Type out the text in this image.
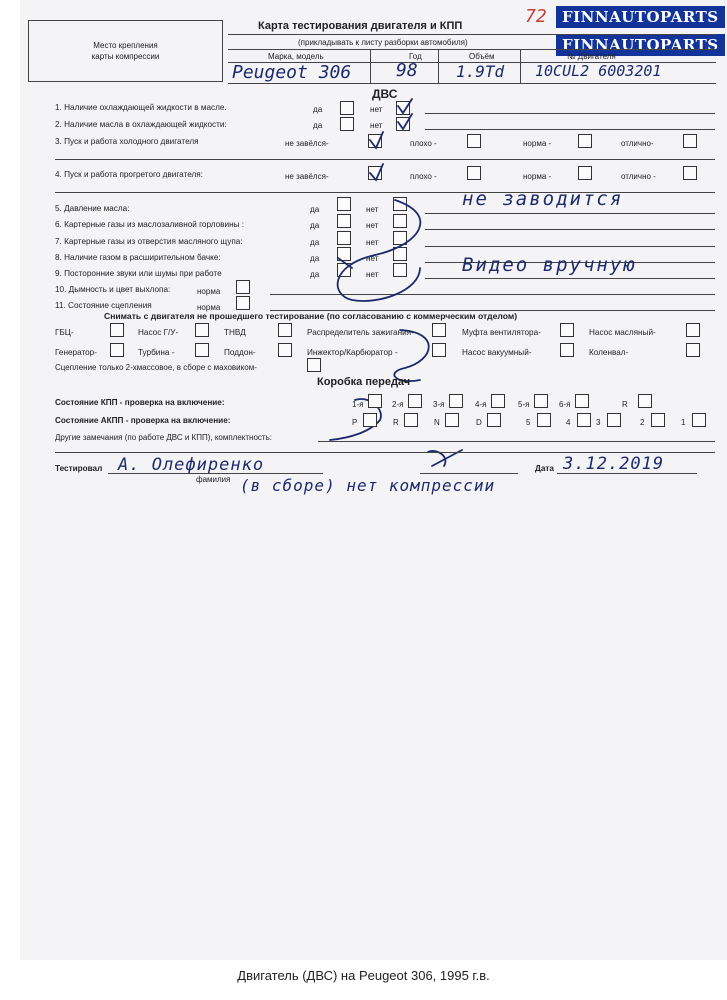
FINNAUTOPARTS
FINNAUTOPARTS
72
Место крепления
карты компрессии
Карта тестирования двигателя и КПП
(прикладывать к листу разборки автомобиля)
Марка, модель	Год	Объём	№ Двигателя
Peugeot 306 98 1.9Td 10CUL2 6003201
ДВС
1. Наличие охлаждающей жидкости в масле.	да	нет
2. Наличие масла в охлаждающей жидкости:	да	нет
3. Пуск и работа холодного двигателя	не завёлся-	плохо -	норма -	отлично-
4. Пуск и работа прогретого двигателя:	не завёлся-	плохо -	норма -	отлично -
5. Давление масла:	да	нет
6. Картерные газы из маслозаливной горловины :	да	нет
7. Картерные газы из отверстия масляного щупа:	да	нет
8. Наличие газом в расширительном бачке:	да	нет
9. Посторонние звуки или шумы при работе	да	нет
10. Дымность и цвет выхлопа:	норма
11. Состояние сцепления	норма
не заводится
Видео вручную
Снимать с двигателя не прошедшего тестирование (по согласованию с коммерческим отделом)
ГБЦ-	Насос Г/У-	ТНВД	Распределитель зажигания-	Муфта вентилятора-	Насос масляный-
Генератор-	Турбина -	Поддон-	Инжектор/Карбюратор -	Насос вакуумный-	Коленвал-
Сцепление только 2-хмассовое, в сборе с маховиком-
Коробка передач
Состояние КПП - проверка на включение:	1-я	2-я	3-я	4-я	5-я	6-я	R
Состояние АКПП - проверка на включение:	P	R	N	D	5	4	3	2	1
Другие замечания (по работе ДВС и КПП), комплектность:
Тестировал А. Олефиренко
фамилия
Дата 3.12.2019
(в сборе) нет компрессии
Двигатель (ДВС) на Peugeot 306, 1995 г.в.
